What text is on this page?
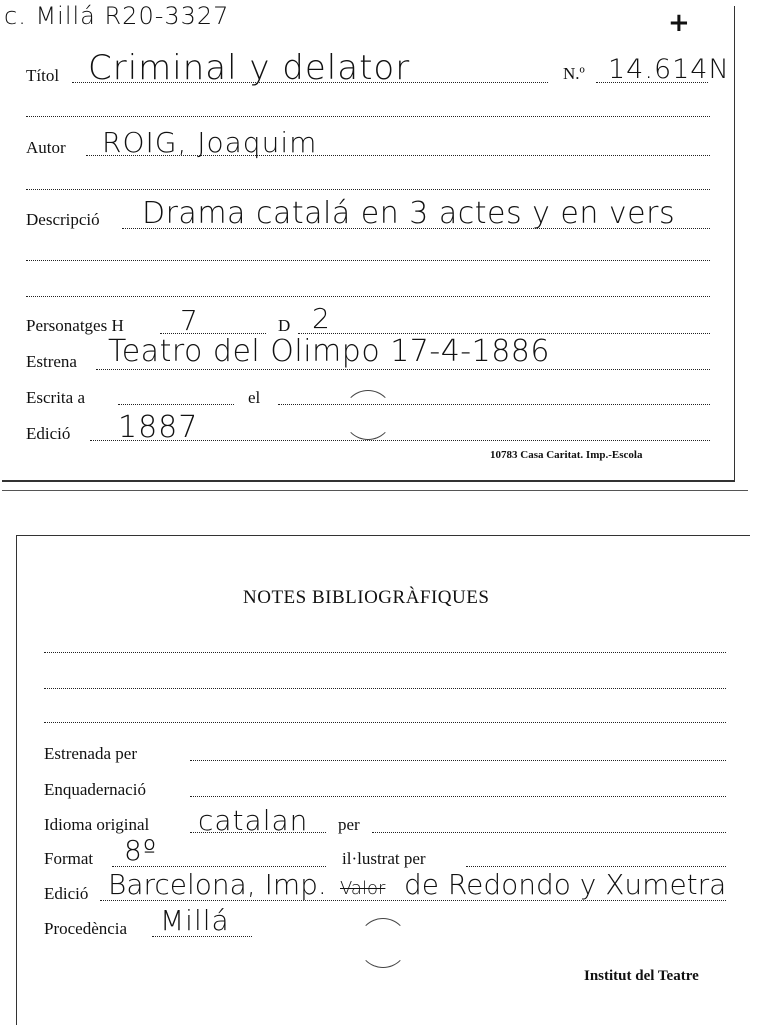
c. Millá R20-3327	+
Títol Criminal y delator	N.º 14.614N
Autor ROIG, Joaquim
Descripció Drama catalá en 3 actes y en vers
Personatges H 7	D 2
Estrena Teatro del Olimpo 17-4-1886
Escrita a	el
Edició 1887
10783 Casa Caritat. Imp.-Escola
NOTES BIBLIOGRÀFIQUES
Estrenada per
Enquadernació
Idioma original catalan per
Format 8º	il·lustrat per
Edició Barcelona, Imp. Valor de Redondo y Xumetra
Procedència Millá
Institut del Teatre
